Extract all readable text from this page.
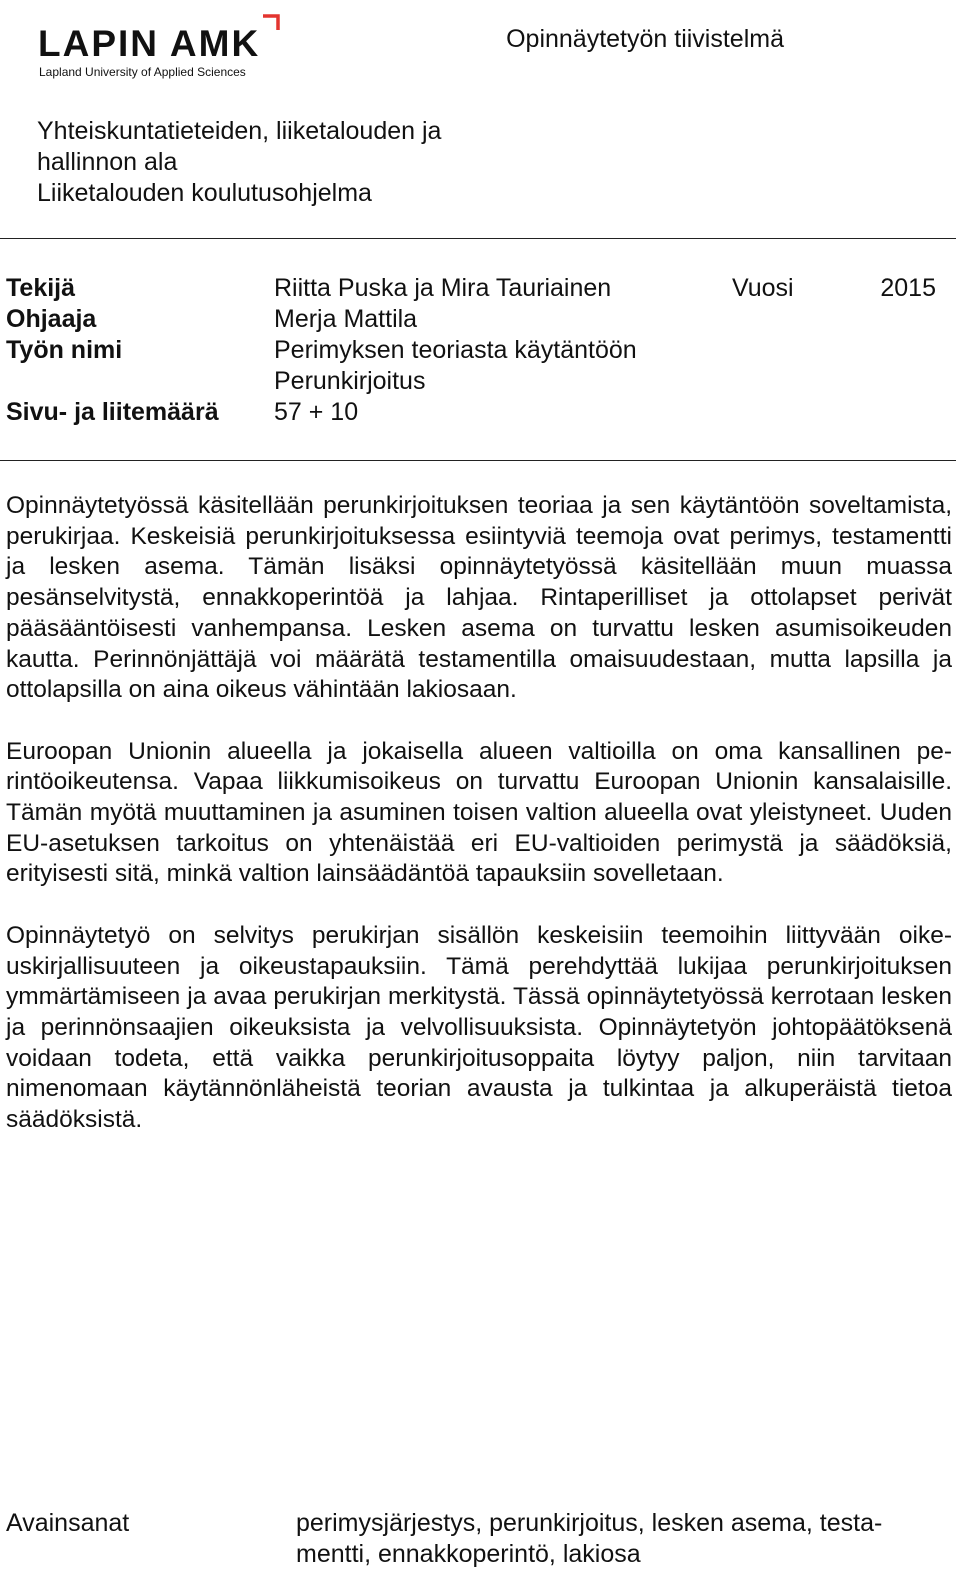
LAPIN AMK
Lapland University of Applied Sciences
Opinnäytetyön tiivistelmä
Yhteiskuntatieteiden, liiketalouden ja
hallinnon ala
Liiketalouden koulutusohjelma
Tekijä	Riitta Puska ja Mira Tauriainen	Vuosi	2015
Ohjaaja	Merja Mattila
Työn nimi	Perimyksen teoriasta käytäntöön
Perunkirjoitus
Sivu- ja liitemäärä 57 + 10

Opinnäytetyössä käsitellään perunkirjoituksen teoriaa ja sen käytäntöön soveltamista, perukirjaa. Keskeisiä perunkirjoituksessa esiintyviä teemoja ovat perimys, testamentti ja lesken asema. Tämän lisäksi opinnäytetyössä käsitellään muun muassa pesänselvitystä, ennakkoperintöä ja lahjaa. Rintaperilliset ja ottolapset perivät pääsääntöisesti vanhempansa. Lesken asema on turvattu lesken asumisoikeuden kautta. Perinnönjättäjä voi määrätä testamentilla omaisuudestaan, mutta lapsilla ja ottolapsilla on aina oikeus vähintään lakiosaan.

Euroopan Unionin alueella ja jokaisella alueen valtioilla on oma kansallinen perintöoikeutensa. Vapaa liikkumisoikeus on turvattu Euroopan Unionin kansalaisille. Tämän myötä muuttaminen ja asuminen toisen valtion alueella ovat yleistyneet. Uuden EU-asetuksen tarkoitus on yhtenäistää eri EU-valtioiden perimystä ja säädöksiä, erityisesti sitä, minkä valtion lainsäädäntöä tapauksiin sovelletaan.

Opinnäytetyö on selvitys perukirjan sisällön keskeisiin teemoihin liittyvään oikeuskirjallisuuteen ja oikeustapauksiin. Tämä perehdyttää lukijaa perunkirjoituksen ymmärtämiseen ja avaa perukirjan merkitystä. Tässä opinnäytetyössä kerrotaan lesken ja perinnönsaajien oikeuksista ja velvollisuuksista. Opinnäytetyön johtopäätöksenä voidaan todeta, että vaikka perunkirjoitusoppaita löytyy paljon, niin tarvitaan nimenomaan käytännönläheistä teorian avausta ja tulkintaa ja alkuperäistä tietoa säädöksistä.

Avainsanat	perimysjärjestys, perunkirjoitus, lesken asema, testamentti, ennakkoperintö, lakiosa
